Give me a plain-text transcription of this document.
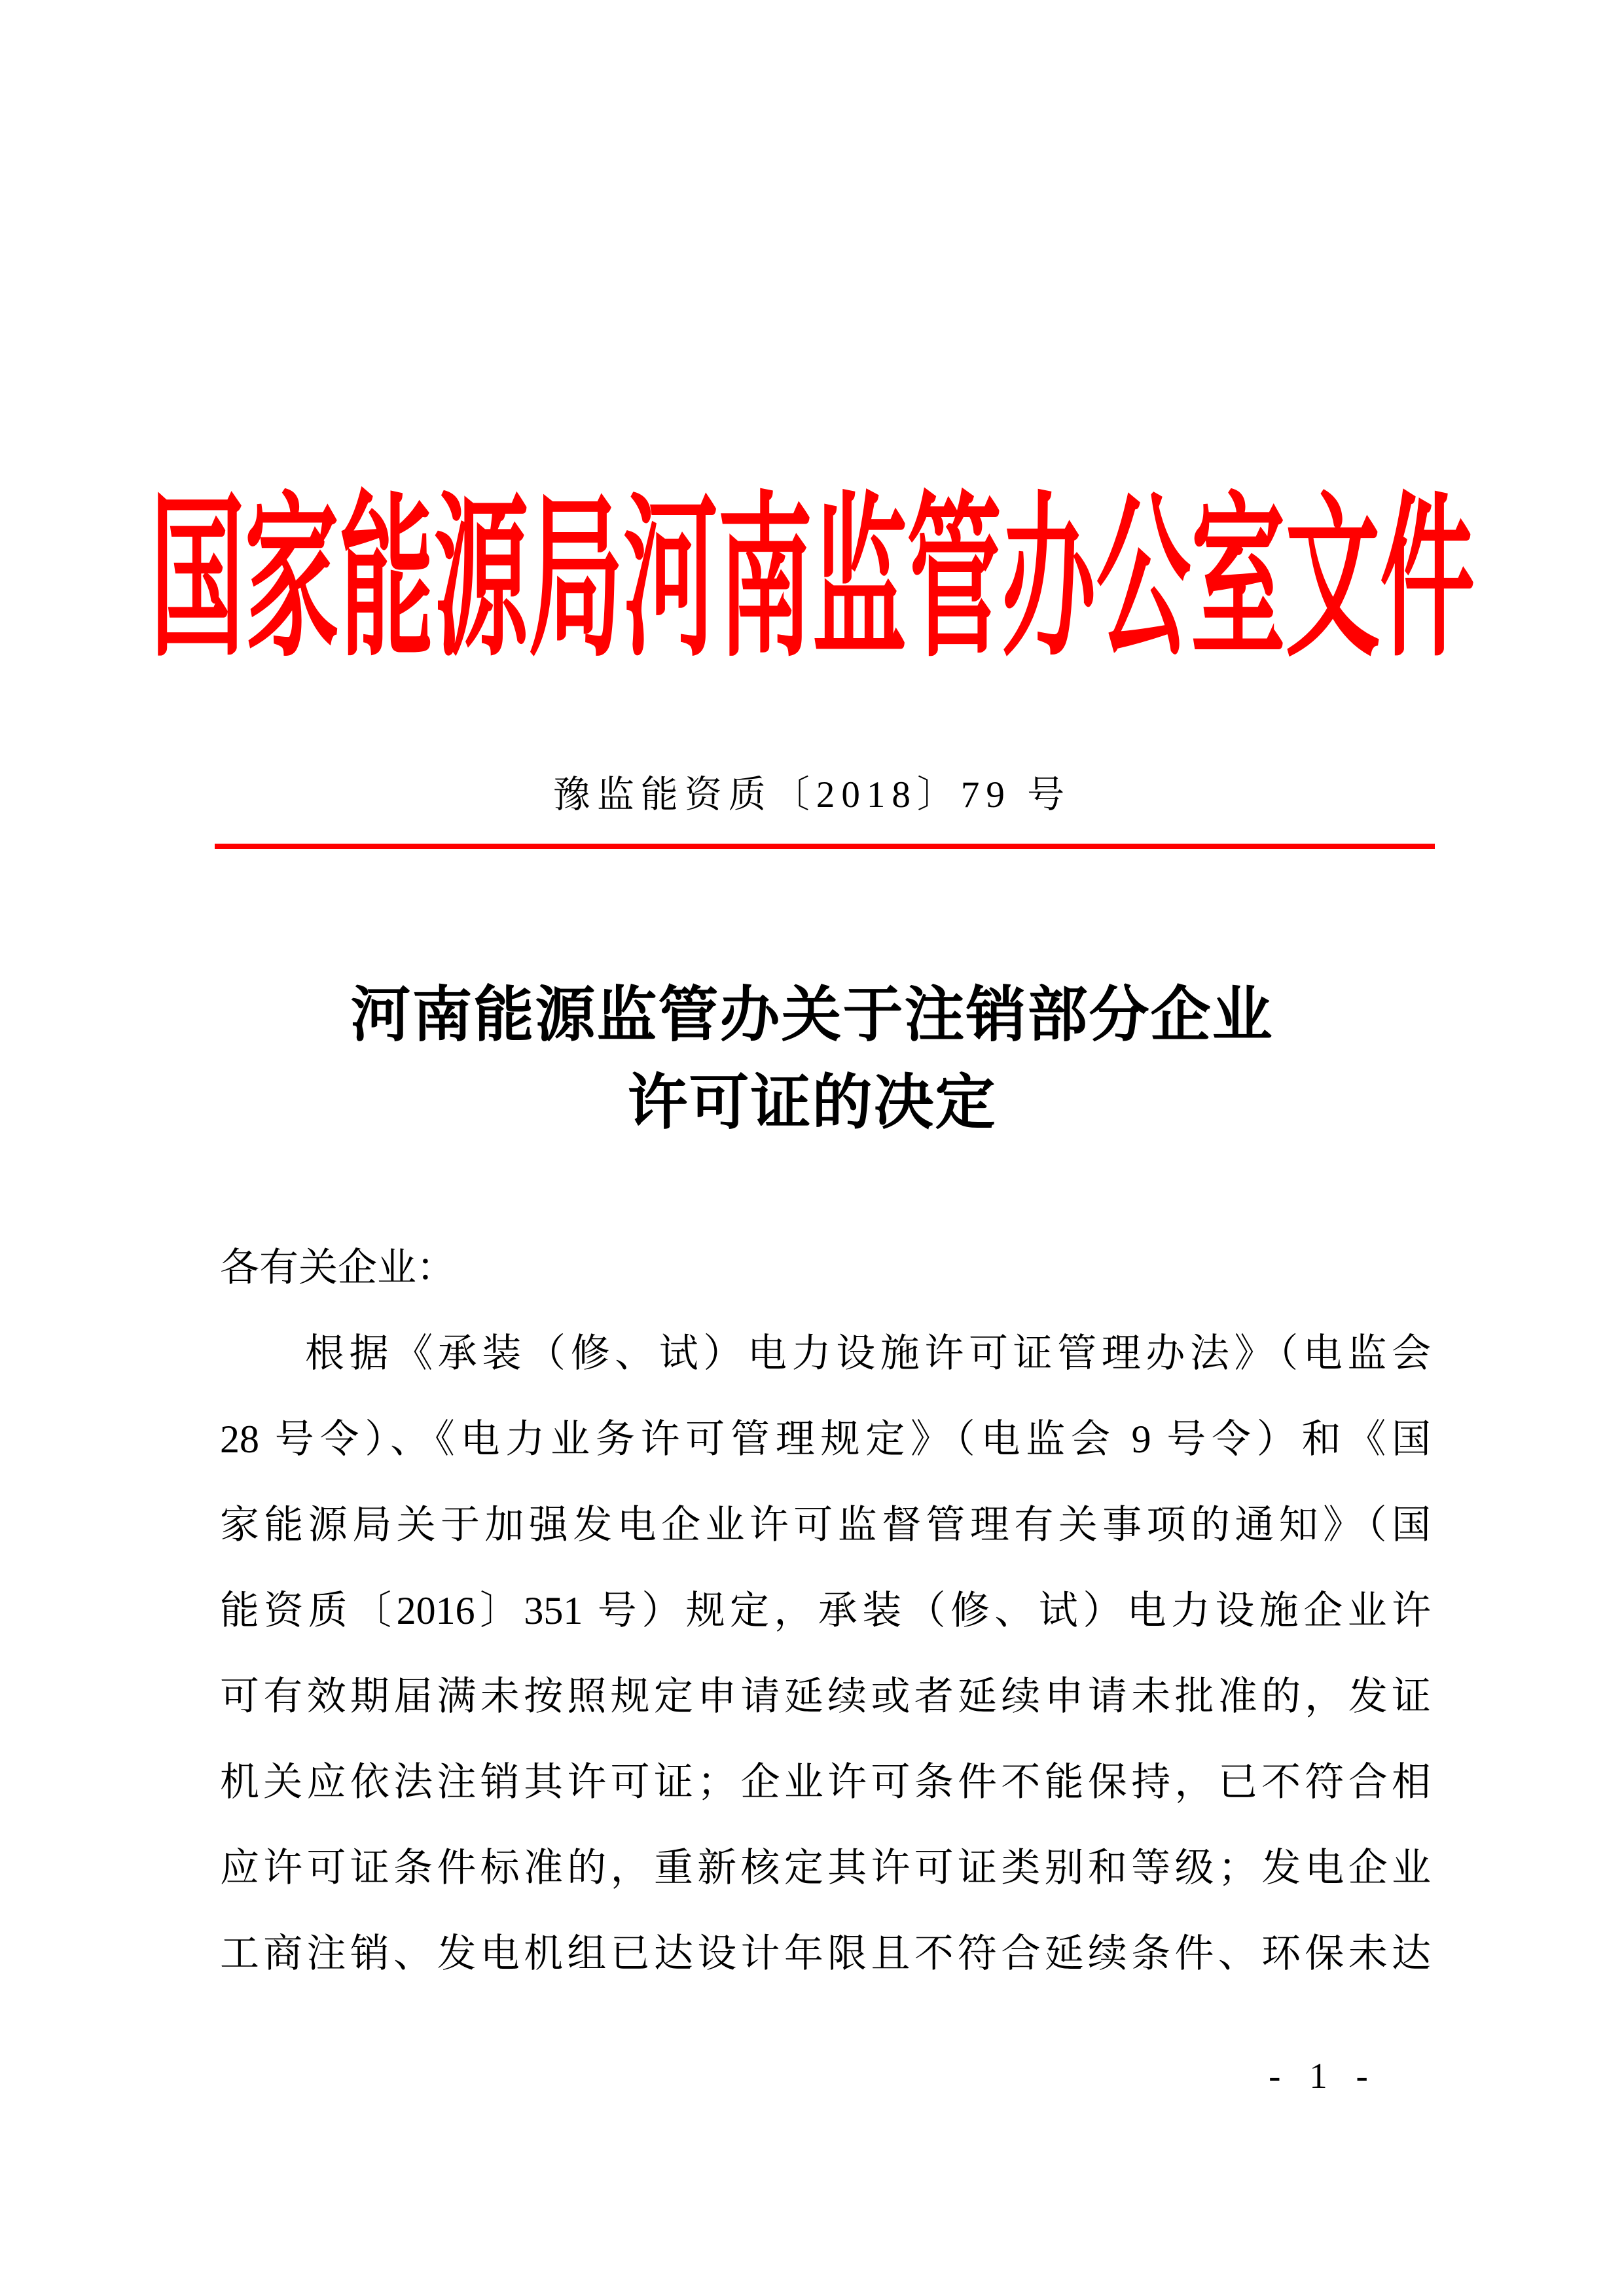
国家能源局河南监管办公室文件
豫监能资质〔2018〕79 号
河南能源监管办关于注销部分企业
许可证的决定
各有关企业：
根据《承装（修、试）电力设施许可证管理办法》（电监会
28 号令）、《电力业务许可管理规定》（电监会 9 号令）和《国
家能源局关于加强发电企业许可监督管理有关事项的通知》（国
能资质〔2016〕351 号）规定，承装（修、试）电力设施企业许
可有效期届满未按照规定申请延续或者延续申请未批准的，发证
机关应依法注销其许可证；企业许可条件不能保持，已不符合相
应许可证条件标准的，重新核定其许可证类别和等级；发电企业
工商注销、发电机组已达设计年限且不符合延续条件、环保未达
- 1 -
